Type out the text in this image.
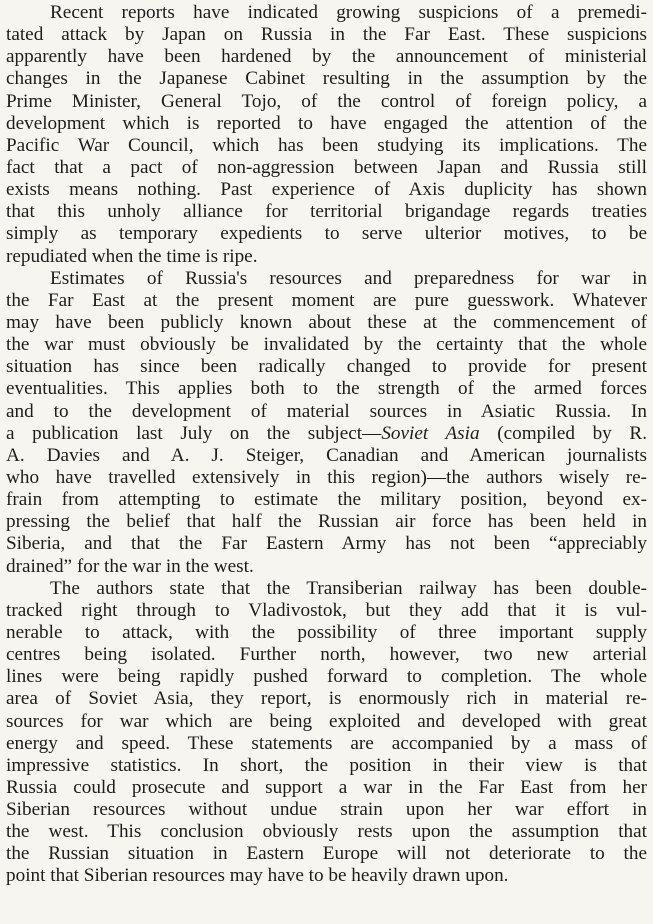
Recent reports have indicated growing suspicions of a premedi-
tated attack by Japan on Russia in the Far East. These suspicions
apparently have been hardened by the announcement of ministerial
changes in the Japanese Cabinet resulting in the assumption by the
Prime Minister, General Tojo, of the control of foreign policy, a
development which is reported to have engaged the attention of the
Pacific War Council, which has been studying its implications. The
fact that a pact of non-aggression between Japan and Russia still
exists means nothing. Past experience of Axis duplicity has shown
that this unholy alliance for territorial brigandage regards treaties
simply as temporary expedients to serve ulterior motives, to be
repudiated when the time is ripe.
Estimates of Russia's resources and preparedness for war in
the Far East at the present moment are pure guesswork. Whatever
may have been publicly known about these at the commencement of
the war must obviously be invalidated by the certainty that the whole
situation has since been radically changed to provide for present
eventualities. This applies both to the strength of the armed forces
and to the development of material sources in Asiatic Russia. In
a publication last July on the subject—Soviet Asia (compiled by R.
A. Davies and A. J. Steiger, Canadian and American journalists
who have travelled extensively in this region)—the authors wisely re-
frain from attempting to estimate the military position, beyond ex-
pressing the belief that half the Russian air force has been held in
Siberia, and that the Far Eastern Army has not been “appreciably
drained” for the war in the west.
The authors state that the Transiberian railway has been double-
tracked right through to Vladivostok, but they add that it is vul-
nerable to attack, with the possibility of three important supply
centres being isolated. Further north, however, two new arterial
lines were being rapidly pushed forward to completion. The whole
area of Soviet Asia, they report, is enormously rich in material re-
sources for war which are being exploited and developed with great
energy and speed. These statements are accompanied by a mass of
impressive statistics. In short, the position in their view is that
Russia could prosecute and support a war in the Far East from her
Siberian resources without undue strain upon her war effort in
the west. This conclusion obviously rests upon the assumption that
the Russian situation in Eastern Europe will not deteriorate to the
point that Siberian resources may have to be heavily drawn upon.
